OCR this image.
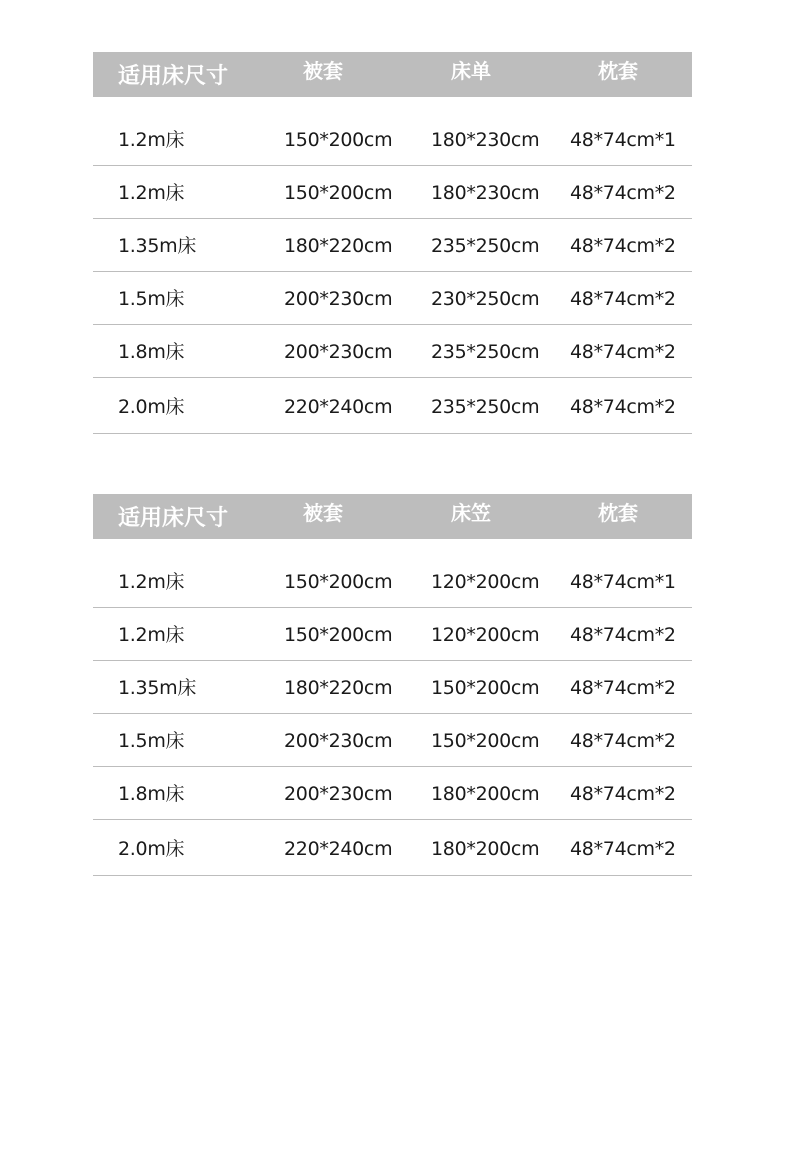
适用床尺寸	被套	床单	枕套
1.2m床	150*200cm 180*230cm 48*74cm*1
1.2m床	150*200cm 180*230cm 48*74cm*2
1.35m床	180*220cm 235*250cm 48*74cm*2
1.5m床	200*230cm 230*250cm 48*74cm*2
1.8m床	200*230cm 235*250cm 48*74cm*2
2.0m床	220*240cm 235*250cm 48*74cm*2
适用床尺寸	被套	床笠	枕套
1.2m床	150*200cm 120*200cm 48*74cm*1
1.2m床	150*200cm 120*200cm 48*74cm*2
1.35m床	180*220cm 150*200cm 48*74cm*2
1.5m床	200*230cm 150*200cm 48*74cm*2
1.8m床	200*230cm 180*200cm 48*74cm*2
2.0m床	220*240cm 180*200cm 48*74cm*2
